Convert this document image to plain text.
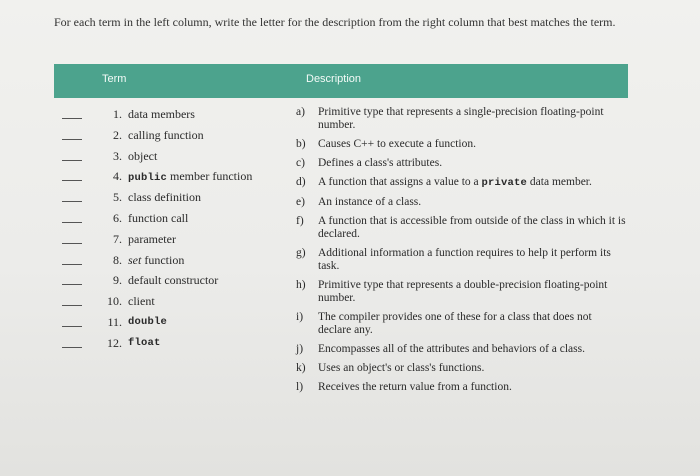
For each term in the left column, write the letter for the description from the right column that best matches the term.
Term	Description
1. data members
2. calling function
3. object
4. public member function
5. class definition
6. function call
7. parameter
8. set function
9. default constructor
10. client
11. double
12. float
a)	Primitive type that represents a single-precision floating-point number.
b)	Causes C++ to execute a function.
c)	Defines a class's attributes.
d)	A function that assigns a value to a private data member.
e)	An instance of a class.
f)	A function that is accessible from outside of the class in which it is declared.
g)	Additional information a function requires to help it perform its task.
h)	Primitive type that represents a double-precision floating-point number.
i)	The compiler provides one of these for a class that does not declare any.
j)	Encompasses all of the attributes and behaviors of a class.
k)	Uses an object's or class's functions.
l)	Receives the return value from a function.
